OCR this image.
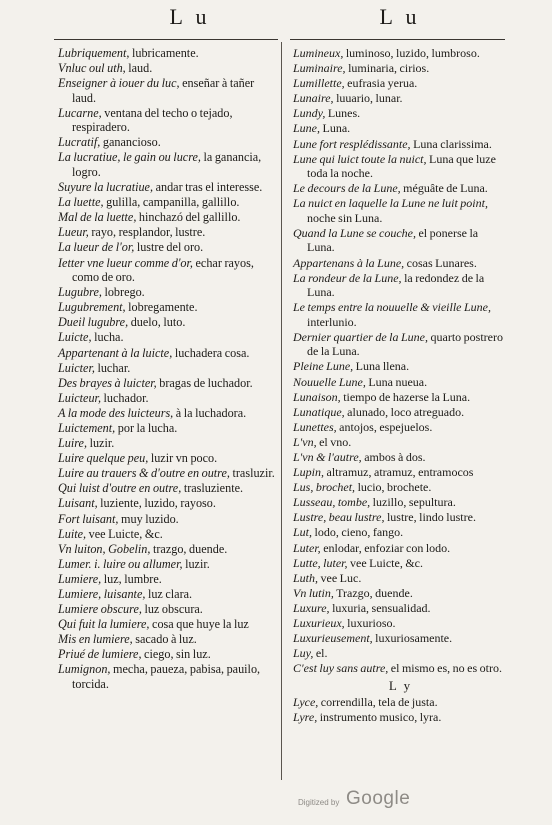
L u	L u
Lubriquement, lubricamente.
Vnluc oul uth, laud.
Enseigner à iouer du luc, enseñar à tañer laud.
Lucarne, ventana del techo o tejado, respiradero.
Lucratif, ganancioso.
La lucratiue, le gain ou lucre, la ganancia, logro.
Suyure la lucratiue, andar tras el interesse.
La luette, gulilla, campanilla, gallillo.
Mal de la luette, hinchazó del gallillo.
Lueur, rayo, resplandor, lustre.
La lueur de l'or, lustre del oro.
Ietter vne lueur comme d'or, echar rayos, como de oro.
Lugubre, lobrego.
Lugubrement, lobregamente.
Dueil lugubre, duelo, luto.
Luicte, lucha.
Appartenant à la luicte, luchadera cosa.
Luicter, luchar.
Des brayes à luicter, bragas de luchador.
Luicteur, luchador.
A la mode des luicteurs, à la luchadora.
Luictement, por la lucha.
Luire, luzir.
Luire quelque peu, luzir vn poco.
Luire au trauers & d'outre en outre, trasluzir.
Qui luist d'outre en outre, trasluziente.
Luisant, luziente, luzido, rayoso.
Fort luisant, muy luzido.
Luite, vee Luicte, &c.
Vn luiton, Gobelin, trazgo, duende.
Lumer. i. luire ou allumer, luzir.
Lumiere, luz, lumbre.
Lumiere, luisante, luz clara.
Lumiere obscure, luz obscura.
Qui fuit la lumiere, cosa que huye la luz
Mis en lumiere, sacado à luz.
Priué de lumiere, ciego, sin luz.
Lumignon, mecha, paueza, pabisa, pauilo, torcida.
Lumineux, luminoso, luzido, lumbroso.
Luminaire, luminaria, cirios.
Lumillette, eufrasia yerua.
Lunaire, luuario, lunar.
Lundy, Lunes.
Lune, Luna.
Lune fort resplédissante, Luna clarissima.
Lune qui luict toute la nuict, Luna que luze toda la noche.
Le decours de la Lune, méguâte de Luna.
La nuict en laquelle la Lune ne luit point, noche sin Luna.
Quand la Lune se couche, el ponerse la Luna.
Appartenans à la Lune, cosas Lunares.
La rondeur de la Lune, la redondez de la Luna.
Le temps entre la nouuelle & vieille Lune, interlunio.
Dernier quartier de la Lune, quarto postrero de la Luna.
Pleine Lune, Luna llena.
Nouuelle Lune, Luna nueua.
Lunaison, tiempo de hazerse la Luna.
Lunatique, alunado, loco atreguado.
Lunettes, antojos, espejuelos.
L'vn, el vno.
L'vn & l'autre, ambos à dos.
Lupin, altramuz, atramuz, entramocos
Lus, brochet, lucio, brochete.
Lusseau, tombe, luzillo, sepultura.
Lustre, beau lustre, lustre, lindo lustre.
Lut, lodo, cieno, fango.
Luter, enlodar, enfoziar con lodo.
Lutte, luter, vee Luicte, &c.
Luth, vee Luc.
Vn lutin, Trazgo, duende.
Luxure, luxuria, sensualidad.
Luxurieux, luxurioso.
Luxurieusement, luxuriosamente.
Luy, el.
C'est luy sans autre, el mismo es, no es otro.
L y
Lyce, correndilla, tela de justa.
Lyre, instrumento musico, lyra.
Digitized by Google
